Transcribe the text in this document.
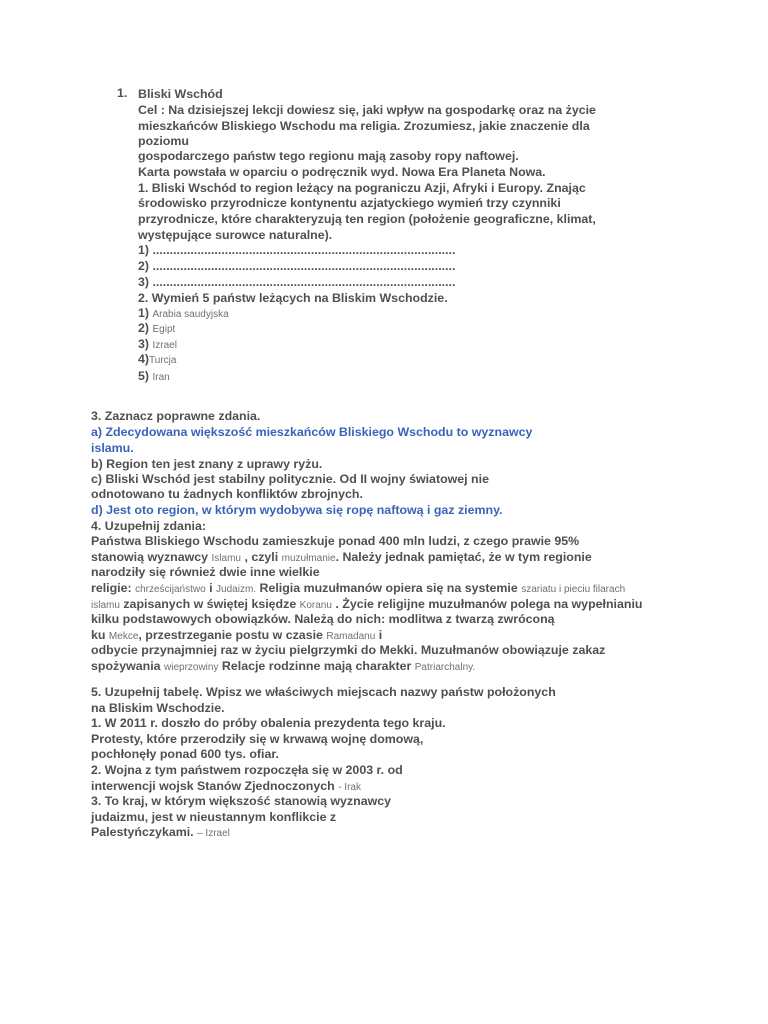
1. Bliski Wschód
Cel : Na dzisiejszej lekcji dowiesz się, jaki wpływ na gospodarkę oraz na życie
mieszkańców Bliskiego Wschodu ma religia. Zrozumiesz, jakie znaczenie dla
poziomu
gospodarczego państw tego regionu mają zasoby ropy naftowej.
Karta powstała w oparciu o podręcznik wyd. Nowa Era Planeta Nowa.
1. Bliski Wschód to region leżący na pograniczu Azji, Afryki i Europy. Znając
środowisko przyrodnicze kontynentu azjatyckiego wymień trzy czynniki
przyrodnicze, które charakteryzują ten region (położenie geograficzne, klimat,
występujące surowce naturalne).
1) ........................................................................................
2) ........................................................................................
3) ........................................................................................
2. Wymień 5 państw leżących na Bliskim Wschodzie.
1) Arabia saudyjska
2) Egipt
3) Izrael
4)Turcja
5) Iran
3. Zaznacz poprawne zdania.
a) Zdecydowana większość mieszkańców Bliskiego Wschodu to wyznawcy
islamu.
b) Region ten jest znany z uprawy ryżu.
c) Bliski Wschód jest stabilny politycznie. Od II wojny światowej nie
odnotowano tu żadnych konfliktów zbrojnych.
d) Jest oto region, w którym wydobywa się ropę naftową i gaz ziemny.
4. Uzupełnij zdania:
Państwa Bliskiego Wschodu zamieszkuje ponad 400 mln ludzi, z czego prawie 95%
stanowią wyznawcy Islamu , czyli muzułmanie. Należy jednak pamiętać, że w tym regionie
narodziły się również dwie inne wielkie
religie: chrześcijaństwo i Judaizm. Religia muzułmanów opiera się na systemie szariatu i pieciu filarach
islamu zapisanych w świętej księdze Koranu . Życie religijne muzułmanów polega na wypełnianiu
kilku podstawowych obowiązków. Należą do nich: modlitwa z twarzą zwróconą
ku Mekce, przestrzeganie postu w czasie Ramadanu i
odbycie przynajmniej raz w życiu pielgrzymki do Mekki. Muzułmanów obowiązuje zakaz
spożywania wieprzowiny Relacje rodzinne mają charakter Patriarchalny.
5. Uzupełnij tabelę. Wpisz we właściwych miejscach nazwy państw położonych
na Bliskim Wschodzie.
1. W 2011 r. doszło do próby obalenia prezydenta tego kraju.
Protesty, które przerodziły się w krwawą wojnę domową,
pochłonęły ponad 600 tys. ofiar.
2. Wojna z tym państwem rozpoczęła się w 2003 r. od
interwencji wojsk Stanów Zjednoczonych - Irak
3. To kraj, w którym większość stanowią wyznawcy
judaizmu, jest w nieustannym konflikcie z
Palestyńczykami. – Izrael
